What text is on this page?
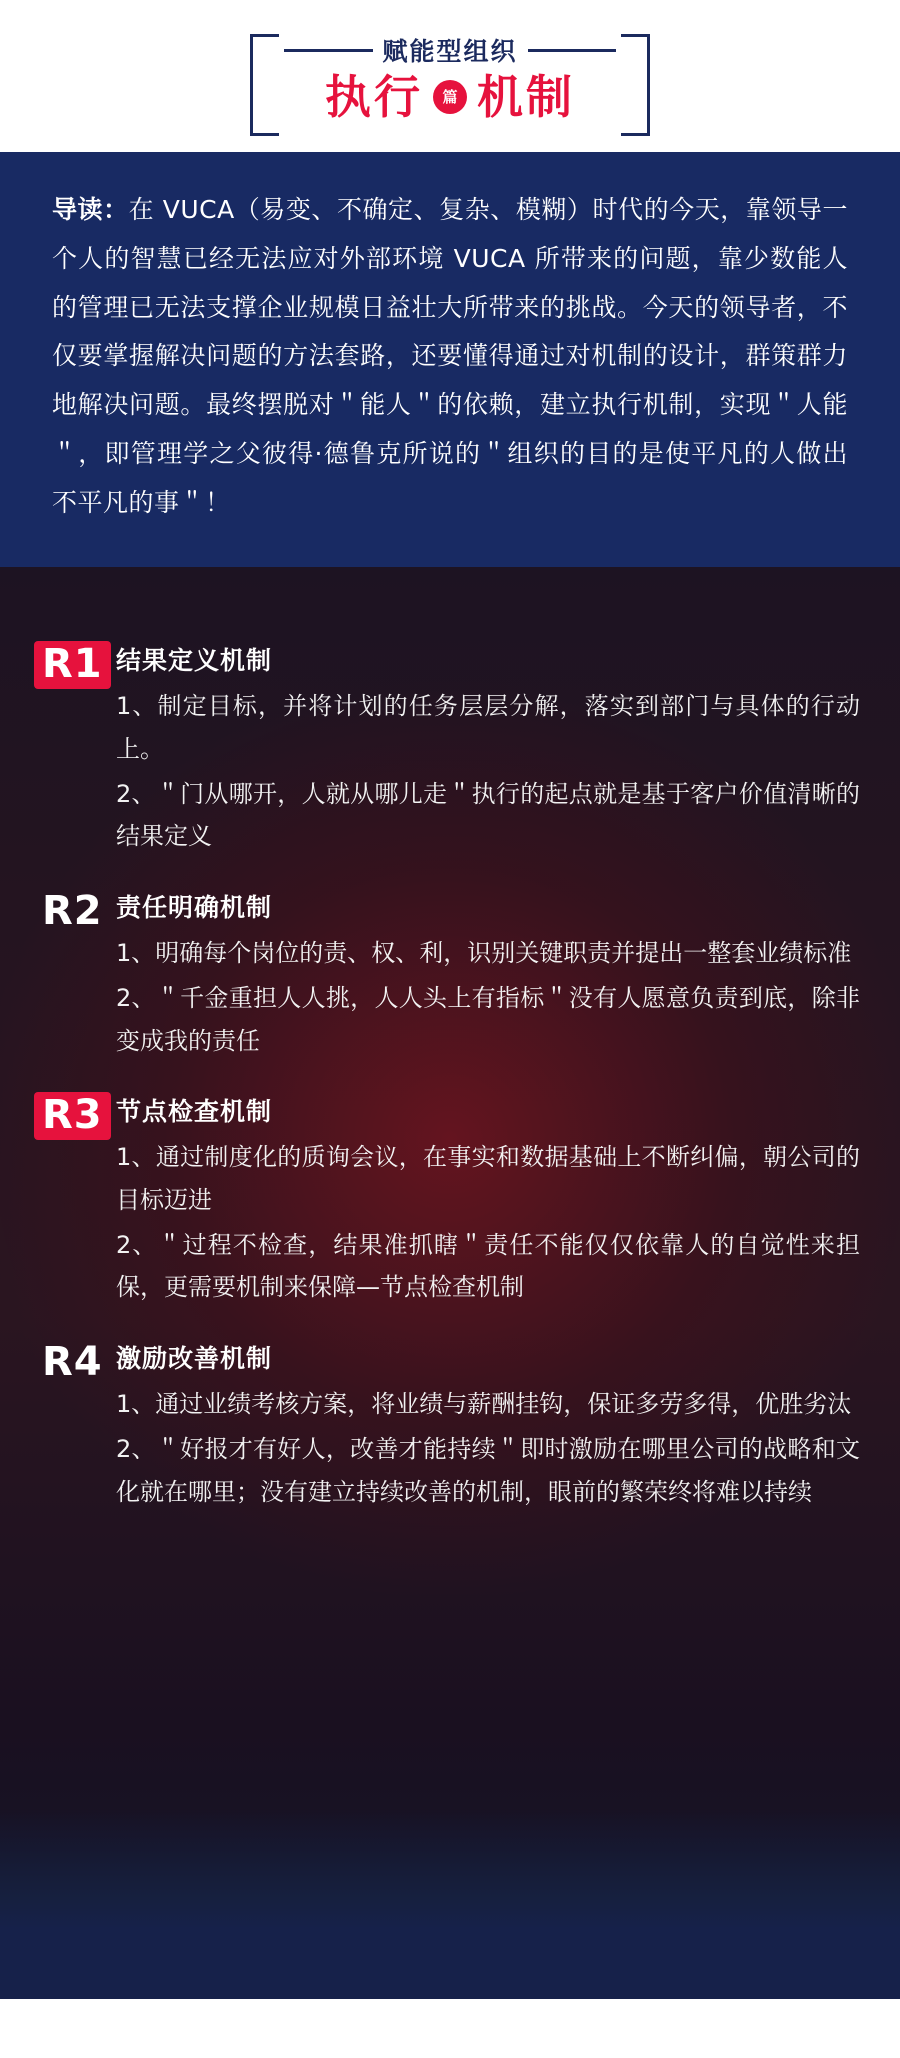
赋能型组织
执行	篇 机制
导读：在 VUCA（易变、不确定、复杂、模糊）时代的今天，靠领导一个人的智慧已经无法应对外部环境 VUCA 所带来的问题，靠少数能人的管理已无法支撑企业规模日益壮大所带来的挑战。今天的领导者，不仅要掌握解决问题的方法套路，还要懂得通过对机制的设计，群策群力地解决问题。最终摆脱对＂能人＂的依赖，建立执行机制，实现＂人能＂，即管理学之父彼得·德鲁克所说的＂组织的目的是使平凡的人做出不平凡的事＂！
R1 结果定义机制

1、制定目标，并将计划的任务层层分解，落实到部门与具体的行动上。

2、＂门从哪开，人就从哪儿走＂执行的起点就是基于客户价值清晰的结果定义

R2 责任明确机制

1、明确每个岗位的责、权、利，识别关键职责并提出一整套业绩标准

2、＂千金重担人人挑，人人头上有指标＂没有人愿意负责到底，除非变成我的责任

R3 节点检查机制

1、通过制度化的质询会议，在事实和数据基础上不断纠偏，朝公司的目标迈进

2、＂过程不检查，结果准抓瞎＂责任不能仅仅依靠人的自觉性来担保，更需要机制来保障—节点检查机制

R4 激励改善机制

1、通过业绩考核方案，将业绩与薪酬挂钩，保证多劳多得，优胜劣汰

2、＂好报才有好人，改善才能持续＂即时激励在哪里公司的战略和文化就在哪里；没有建立持续改善的机制，眼前的繁荣终将难以持续
